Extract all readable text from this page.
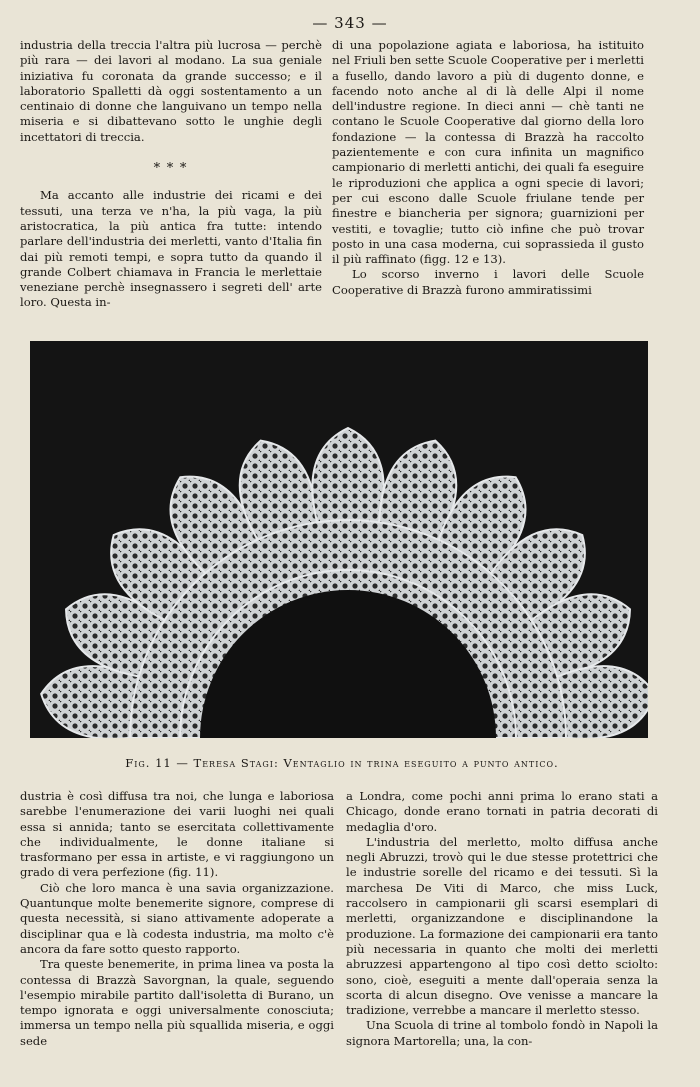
— 343 —

industria della treccia l'altra più lucrosa — perchè più rara — dei lavori al modano. La sua geniale iniziativa fu coronata da grande successo; e il laboratorio Spalletti dà oggi sostentamento a un centinaio di donne che languivano un tempo nella miseria e si dibattevano sotto le unghie degli incettatori di treccia.

* * *

Ma accanto alle industrie dei ricami e dei tessuti, una terza ve n'ha, la più vaga, la più aristocratica, la più antica fra tutte: intendo parlare dell'industria dei merletti, vanto d'Italia fin dai più remoti tempi, e sopra tutto da quando il grande Colbert chiamava in Francia le merlettaie veneziane perchè insegnassero i segreti dell' arte loro. Questa in-

di una popolazione agiata e laboriosa, ha istituito nel Friuli ben sette Scuole Cooperative per i merletti a fusello, dando lavoro a più di dugento donne, e facendo noto anche al di là delle Alpi il nome dell'industre regione. In dieci anni — chè tanti ne contano le Scuole Cooperative dal giorno della loro fondazione — la contessa di Brazzà ha raccolto pazientemente e con cura infinita un magnifico campionario di merletti antichi, dei quali fa eseguire le riproduzioni che applica a ogni specie di lavori; per cui escono dalle Scuole friulane tende per finestre e biancheria per signora; guarnizioni per vestiti, e tovaglie; tutto ciò infine che può trovar posto in una casa moderna, cui soprassieda il gusto il più raffinato (figg. 12 e 13).

Lo scorso inverno i lavori delle Scuole Cooperative di Brazzà furono ammiratissimi

Fig. 11 — Teresa Stagi: Ventaglio in trina eseguito a punto antico.

dustria è così diffusa tra noi, che lunga e laboriosa sarebbe l'enumerazione dei varii luoghi nei quali essa si annida; tanto se esercitata collettivamente che individualmente, le donne italiane si trasformano per essa in artiste, e vi raggiungono un grado di vera perfezione (fig. 11).

Ciò che loro manca è una savia organizzazione. Quantunque molte benemerite signore, comprese di questa necessità, si siano attivamente adoperate a disciplinar qua e là codesta industria, ma molto c'è ancora da fare sotto questo rapporto.

Tra queste benemerite, in prima linea va posta la contessa di Brazzà Savorgnan, la quale, seguendo l'esempio mirabile partito dall'isoletta di Burano, un tempo ignorata e oggi universalmente conosciuta; immersa un tempo nella più squallida miseria, e oggi sede

a Londra, come pochi anni prima lo erano stati a Chicago, donde erano tornati in patria decorati di medaglia d'oro.

L'industria del merletto, molto diffusa anche negli Abruzzi, trovò qui le due stesse protettrici che le industrie sorelle del ricamo e dei tessuti. Sì la marchesa De Viti di Marco, che miss Luck, raccolsero in campionarii gli scarsi esemplari di merletti, organizzandone e disciplinandone la produzione. La formazione dei campionarii era tanto più necessaria in quanto che molti dei merletti abruzzesi appartengono al tipo così detto sciolto: sono, cioè, eseguiti a mente dall'operaia senza la scorta di alcun disegno. Ove venisse a mancare la tradizione, verrebbe a mancare il merletto stesso.

Una Scuola di trine al tombolo fondò in Napoli la signora Martorella; una, la con-
